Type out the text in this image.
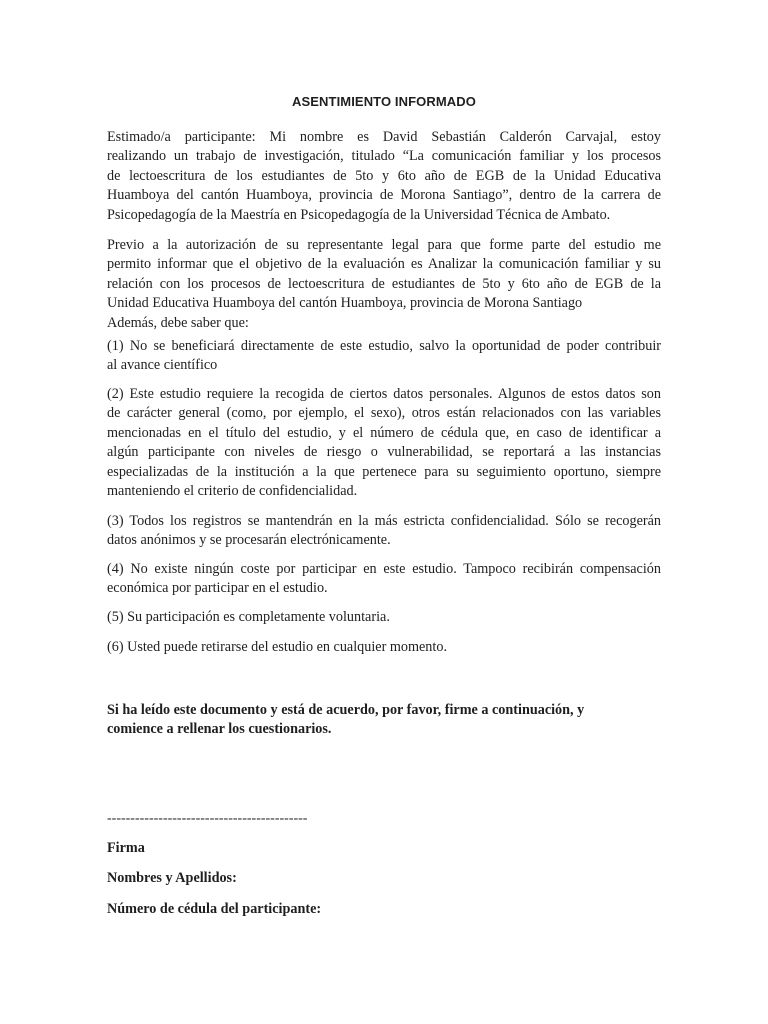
ASENTIMIENTO INFORMADO

Estimado/a participante: Mi nombre es David Sebastián Calderón Carvajal, estoy
realizando un trabajo de investigación, titulado “La comunicación familiar y los procesos
de lectoescritura de los estudiantes de 5to y 6to año de EGB de la Unidad Educativa
Huamboya del cantón Huamboya, provincia de Morona Santiago”, dentro de la carrera de
Psicopedagogía de la Maestría en Psicopedagogía de la Universidad Técnica de Ambato.

Previo a la autorización de su representante legal para que forme parte del estudio me
permito informar que el objetivo de la evaluación es Analizar la comunicación familiar y su
relación con los procesos de lectoescritura de estudiantes de 5to y 6to año de EGB de la
Unidad Educativa Huamboya del cantón Huamboya, provincia de Morona Santiago
Además, debe saber que:

(1) No se beneficiará directamente de este estudio, salvo la oportunidad de poder contribuir
al avance científico

(2) Este estudio requiere la recogida de ciertos datos personales. Algunos de estos datos son
de carácter general (como, por ejemplo, el sexo), otros están relacionados con las variables
mencionadas en el título del estudio, y el número de cédula que, en caso de identificar a
algún participante con niveles de riesgo o vulnerabilidad, se reportará a las instancias
especializadas de la institución a la que pertenece para su seguimiento oportuno, siempre
manteniendo el criterio de confidencialidad.

(3) Todos los registros se mantendrán en la más estricta confidencialidad. Sólo se recogerán
datos anónimos y se procesarán electrónicamente.

(4) No existe ningún coste por participar en este estudio. Tampoco recibirán compensación
económica por participar en el estudio.

(5) Su participación es completamente voluntaria.

(6) Usted puede retirarse del estudio en cualquier momento.

Si ha leído este documento y está de acuerdo, por favor, firme a continuación, y
comience a rellenar los cuestionarios.

-------------------------------------------
Firma
Nombres y Apellidos:
Número de cédula del participante:
